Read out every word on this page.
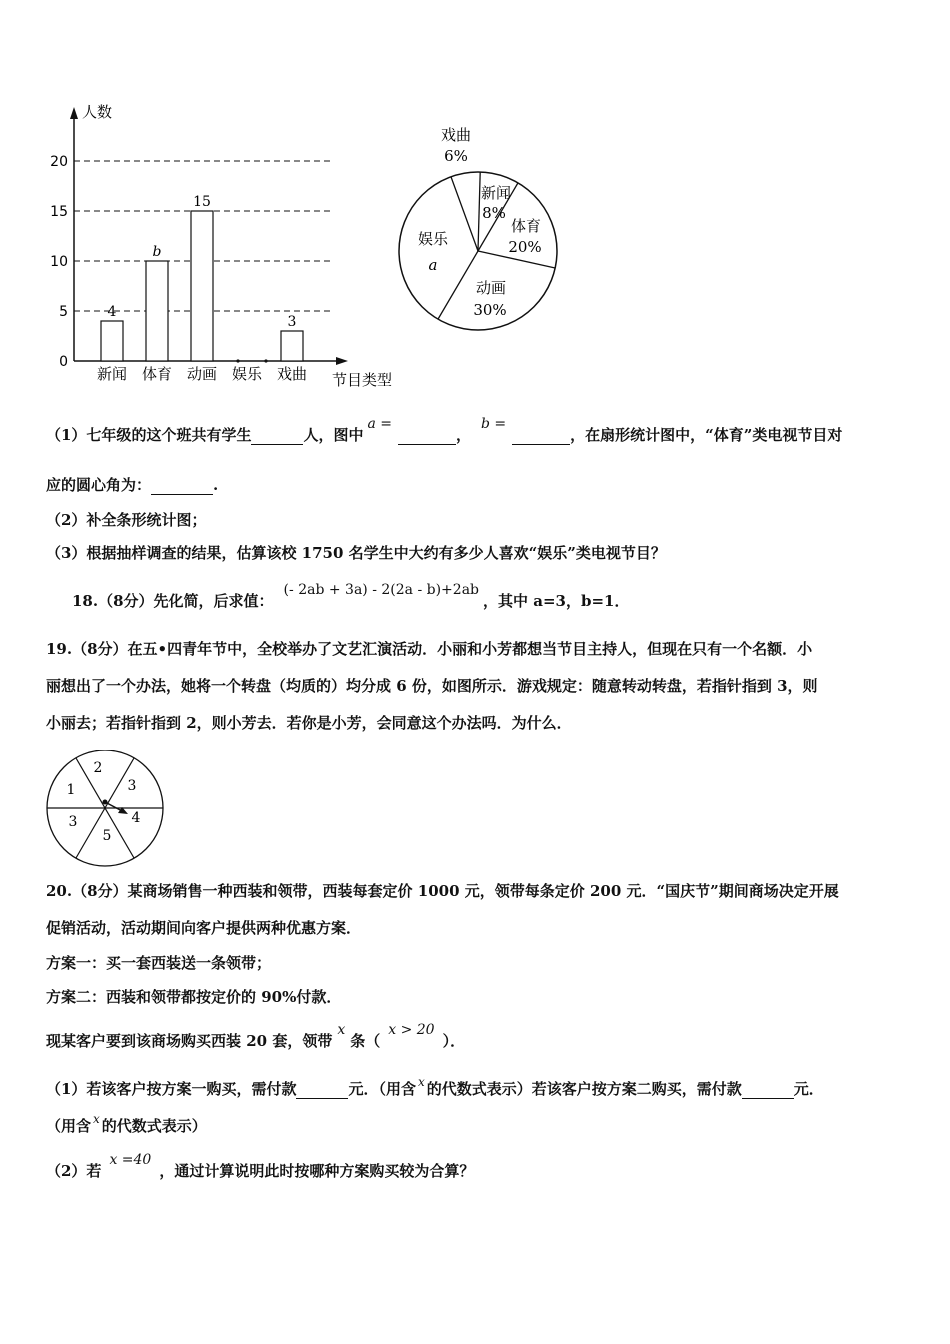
人数
节目类型
0
5
10
15
20
4
新闻
b
体育
15
动画 娱乐
3
戏曲
戏曲
6%
新闻
8%
体育
20%
动画
30%
娱乐
a
（1）七年级的这个班共有学生	人，图中a = ，b = ，在扇形统计图中，“体育”类电视节目对
应的圆心角为：	.
（2）补全条形统计图；
（3）根据抽样调查的结果，估算该校 1750 名学生中大约有多少人喜欢“娱乐”类电视节目？
18.（8分）先化简，后求值：(- 2ab + 3a) - 2(2a - b)+2ab，其中 a=3，b=1．
19.（8分）在五•四青年节中，全校举办了文艺汇演活动．小丽和小芳都想当节目主持人，但现在只有一个名额．小
丽想出了一个办法，她将一个转盘（均质的）均分成 6 份，如图所示．游戏规定：随意转动转盘，若指针指到 3，则
小丽去；若指针指到 2，则小芳去．若你是小芳，会同意这个办法吗．为什么．
2
3
4
5
3
1
20.（8分）某商场销售一种西装和领带，西装每套定价 1000 元，领带每条定价 200 元．“国庆节”期间商场决定开展
促销活动，活动期间向客户提供两种优惠方案．
方案一：买一套西装送一条领带；
方案二：西装和领带都按定价的 90%付款．
现某客户要到该商场购买西装 20 套，领带x条（x > 20）．
（1）若该客户按方案一购买，需付款	元．（用含 $^x$ 的代数式表示）若该客户按方案二购买，需付款	元．
（用含 $^x$ 的代数式表示）
（2）若x =40，通过计算说明此时按哪种方案购买较为合算？
